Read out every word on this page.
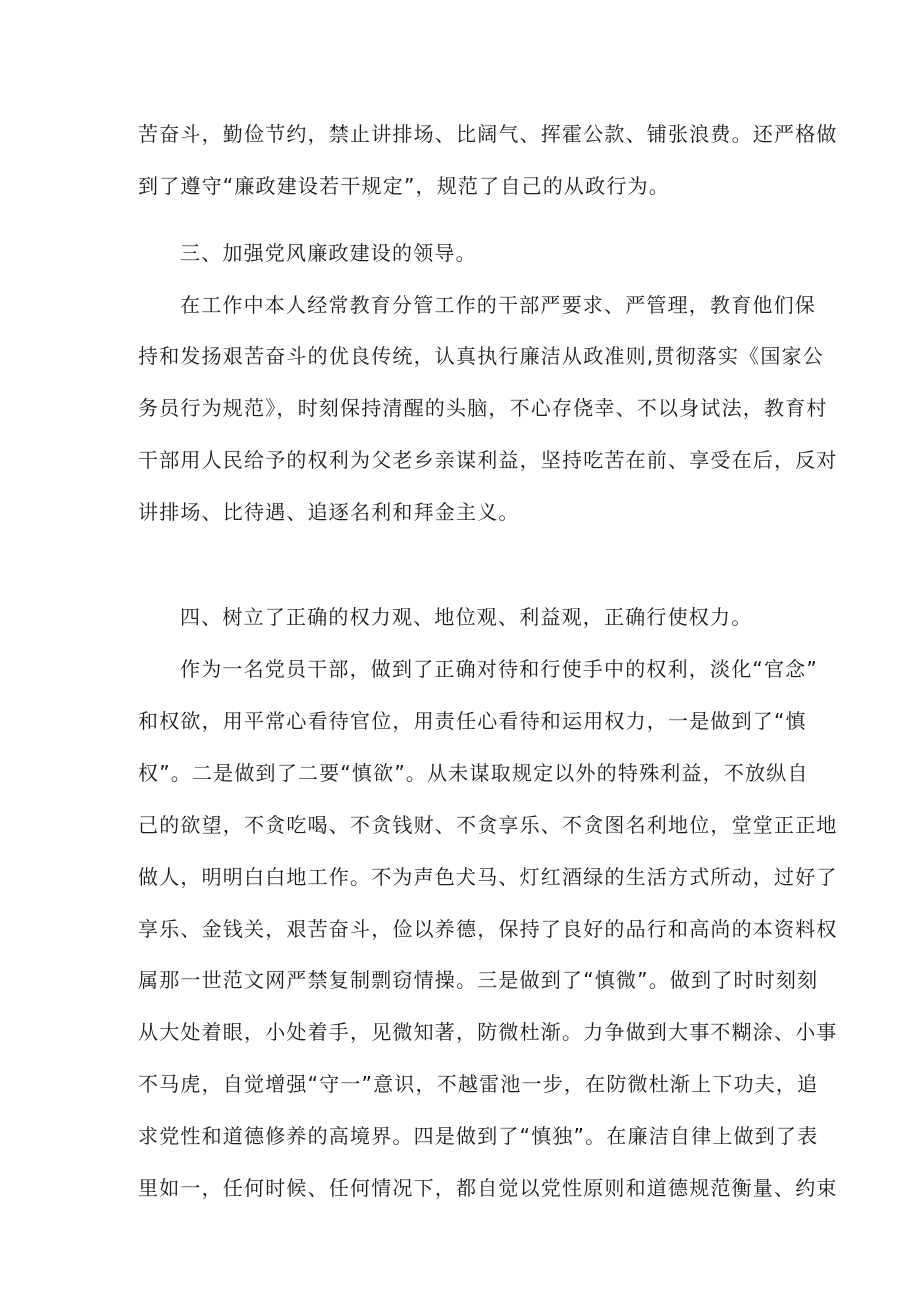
苦奋斗，勤俭节约，禁止讲排场、比阔气、挥霍公款、铺张浪费。还严格做
到了遵守“廉政建设若干规定”，规范了自己的从政行为。
三、加强党风廉政建设的领导。
在工作中本人经常教育分管工作的干部严要求、严管理，教育他们保
持和发扬艰苦奋斗的优良传统，认真执行廉洁从政准则,贯彻落实《国家公
务员行为规范》，时刻保持清醒的头脑，不心存侥幸、不以身试法，教育村
干部用人民给予的权利为父老乡亲谋利益，坚持吃苦在前、享受在后，反对
讲排场、比待遇、追逐名利和拜金主义。
四、树立了正确的权力观、地位观、利益观，正确行使权力。
作为一名党员干部，做到了正确对待和行使手中的权利，淡化“官念”
和权欲，用平常心看待官位，用责任心看待和运用权力，一是做到了“慎
权”。二是做到了二要“慎欲”。从未谋取规定以外的特殊利益，不放纵自
己的欲望，不贪吃喝、不贪钱财、不贪享乐、不贪图名利地位，堂堂正正地
做人，明明白白地工作。不为声色犬马、灯红酒绿的生活方式所动，过好了
享乐、金钱关，艰苦奋斗，俭以养德，保持了良好的品行和高尚的本资料权
属那一世范文网严禁复制剽窃情操。三是做到了“慎微”。做到了时时刻刻
从大处着眼，小处着手，见微知著，防微杜渐。力争做到大事不糊涂、小事
不马虎，自觉增强“守一”意识，不越雷池一步，在防微杜渐上下功夫，追
求党性和道德修养的高境界。四是做到了“慎独”。在廉洁自律上做到了表
里如一，任何时候、任何情况下，都自觉以党性原则和道德规范衡量、约束
